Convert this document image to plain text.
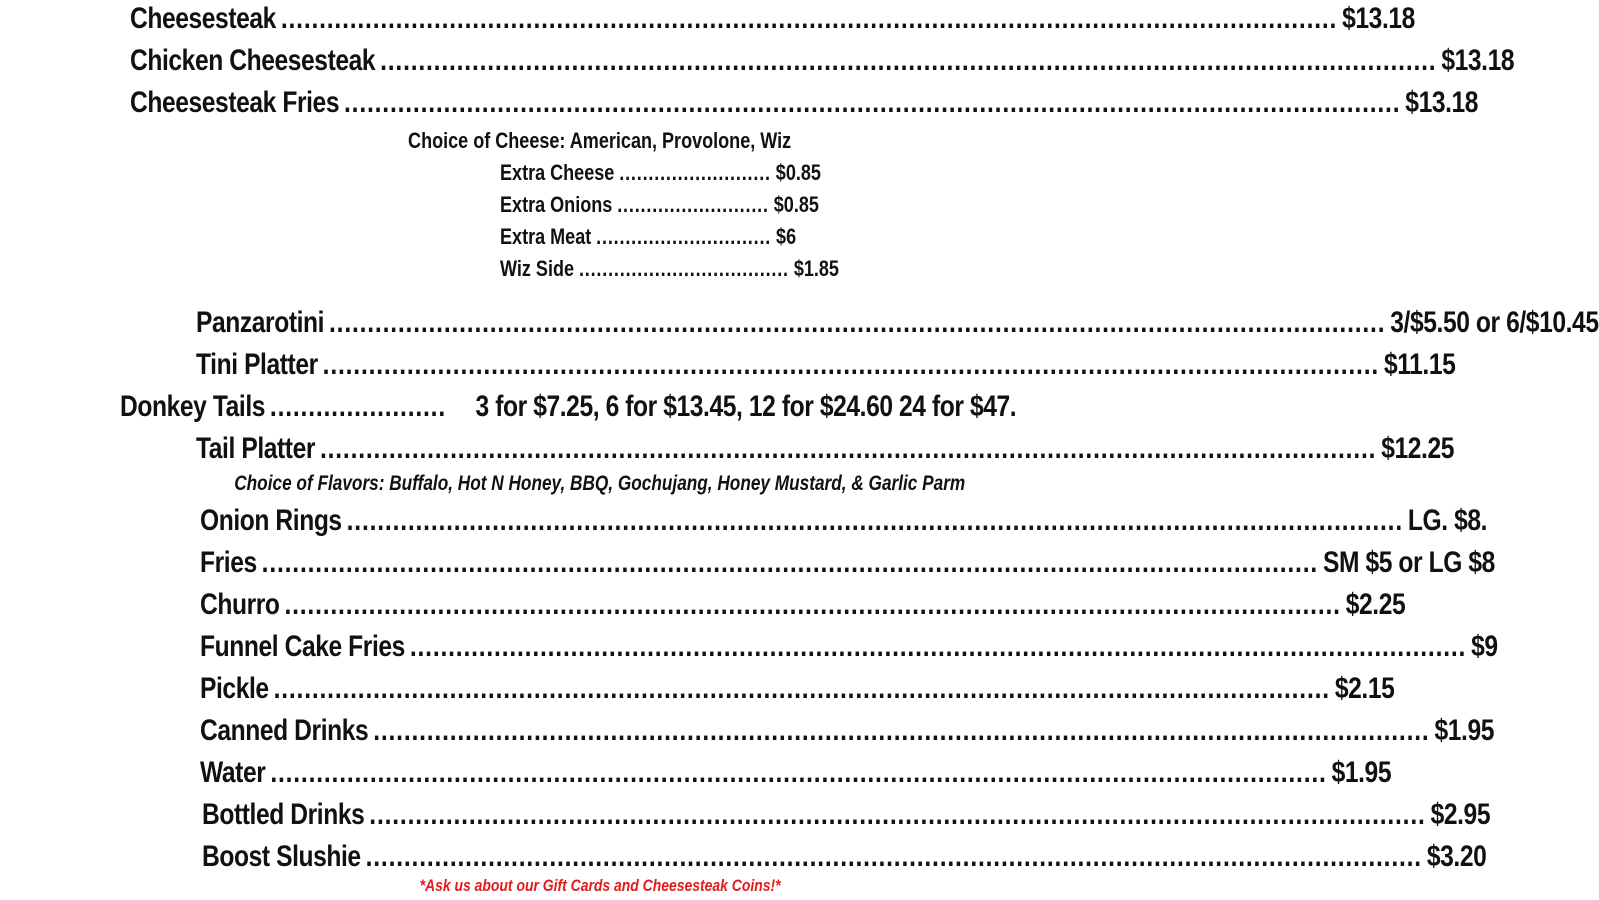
Cheesesteak .......................................................................................................................................... $13.18
Chicken Cheesesteak .......................................................................................................................................... $13.18
Cheesesteak Fries .......................................................................................................................................... $13.18
Choice of Cheese: American, Provolone, Wiz
Extra Cheese .......................... $0.85
Extra Onions .......................... $0.85
Extra Meat .............................. $6
Wiz Side .................................... $1.85
Panzarotini .......................................................................................................................................... 3/$5.50 or 6/$10.45
Tini Platter .......................................................................................................................................... $11.15
Donkey Tails ....................... 3 for $7.25, 6 for $13.45, 12 for $24.60 24 for $47.
Tail Platter .......................................................................................................................................... $12.25
Choice of Flavors: Buffalo, Hot N Honey, BBQ, Gochujang, Honey Mustard, & Garlic Parm
Onion Rings .......................................................................................................................................... LG. $8.
Fries .......................................................................................................................................... SM $5 or LG $8
Churro .......................................................................................................................................... $2.25
Funnel Cake Fries .......................................................................................................................................... $9
Pickle .......................................................................................................................................... $2.15
Canned Drinks .......................................................................................................................................... $1.95
Water .......................................................................................................................................... $1.95
Bottled Drinks .......................................................................................................................................... $2.95
Boost Slushie .......................................................................................................................................... $3.20
*Ask us about our Gift Cards and Cheesesteak Coins!*
